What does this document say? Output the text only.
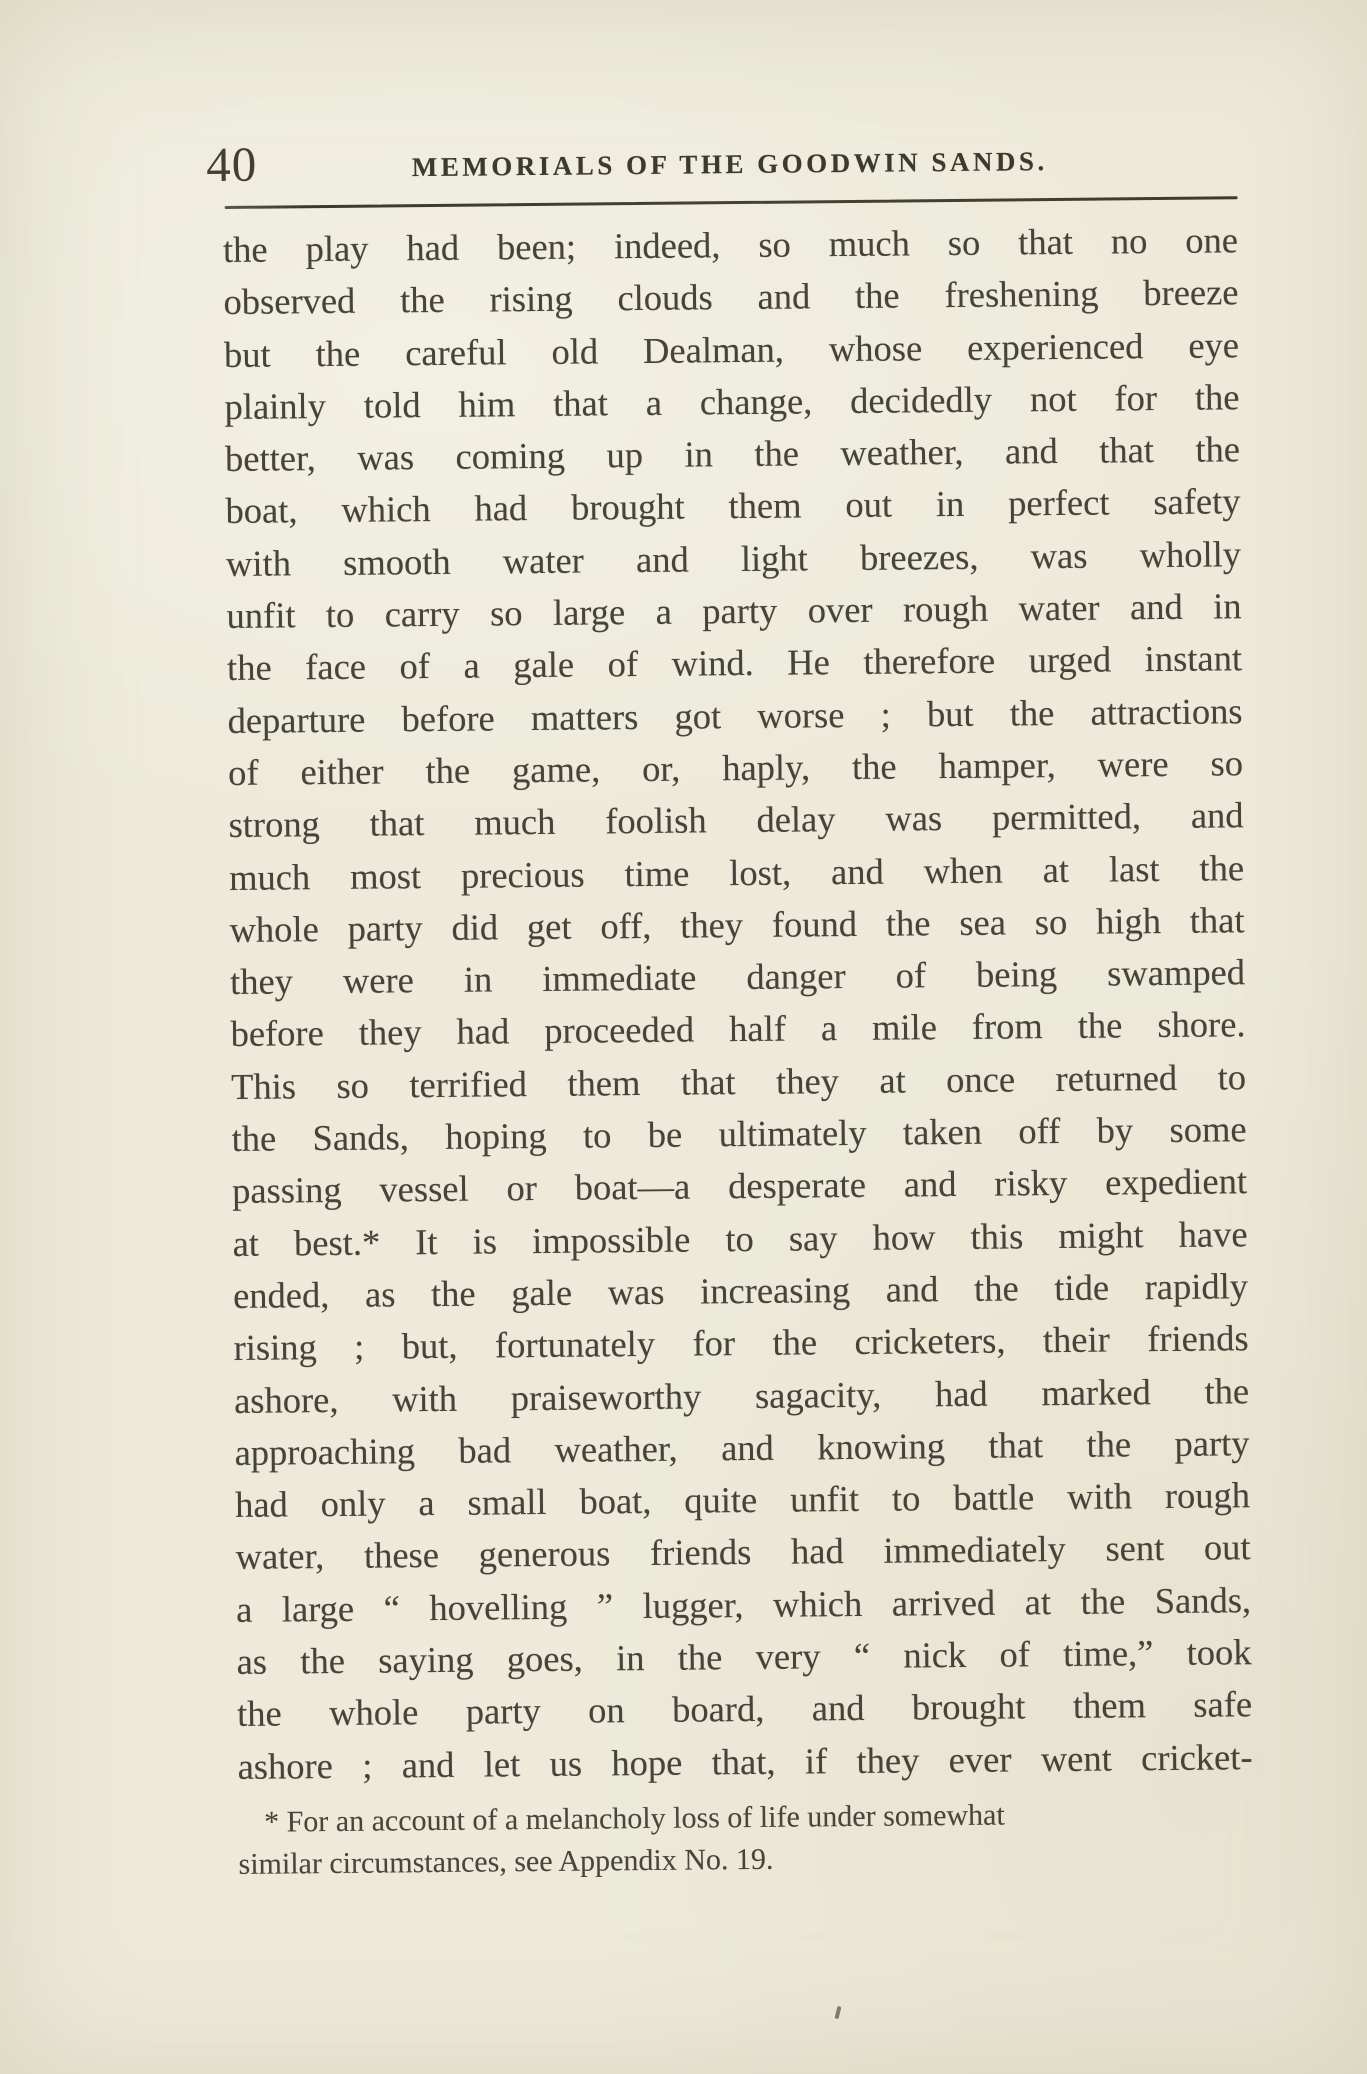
40	MEMORIALS OF THE GOODWIN SANDS.
the play had been; indeed, so much so that no one
observed the rising clouds and the freshening breeze
but the careful old Dealman, whose experienced eye
plainly told him that a change, decidedly not for the
better, was coming up in the weather, and that the
boat, which had brought them out in perfect safety
with smooth water and light breezes, was wholly
unfit to carry so large a party over rough water and in
the face of a gale of wind. He therefore urged instant
departure before matters got worse ; but the attractions
of either the game, or, haply, the hamper, were so
strong that much foolish delay was permitted, and
much most precious time lost, and when at last the
whole party did get off, they found the sea so high that
they were in immediate danger of being swamped
before they had proceeded half a mile from the shore.
This so terrified them that they at once returned to
the Sands, hoping to be ultimately taken off by some
passing vessel or boat—a desperate and risky expedient
at best.* It is impossible to say how this might have
ended, as the gale was increasing and the tide rapidly
rising ; but, fortunately for the cricketers, their friends
ashore, with praiseworthy sagacity, had marked the
approaching bad weather, and knowing that the party
had only a small boat, quite unfit to battle with rough
water, these generous friends had immediately sent out
a large “ hovelling ” lugger, which arrived at the Sands,
as the saying goes, in the very “ nick of time,” took
the whole party on board, and brought them safe
ashore ; and let us hope that, if they ever went cricket-
* For an account of a melancholy loss of life under somewhat
similar circumstances, see Appendix No. 19.
